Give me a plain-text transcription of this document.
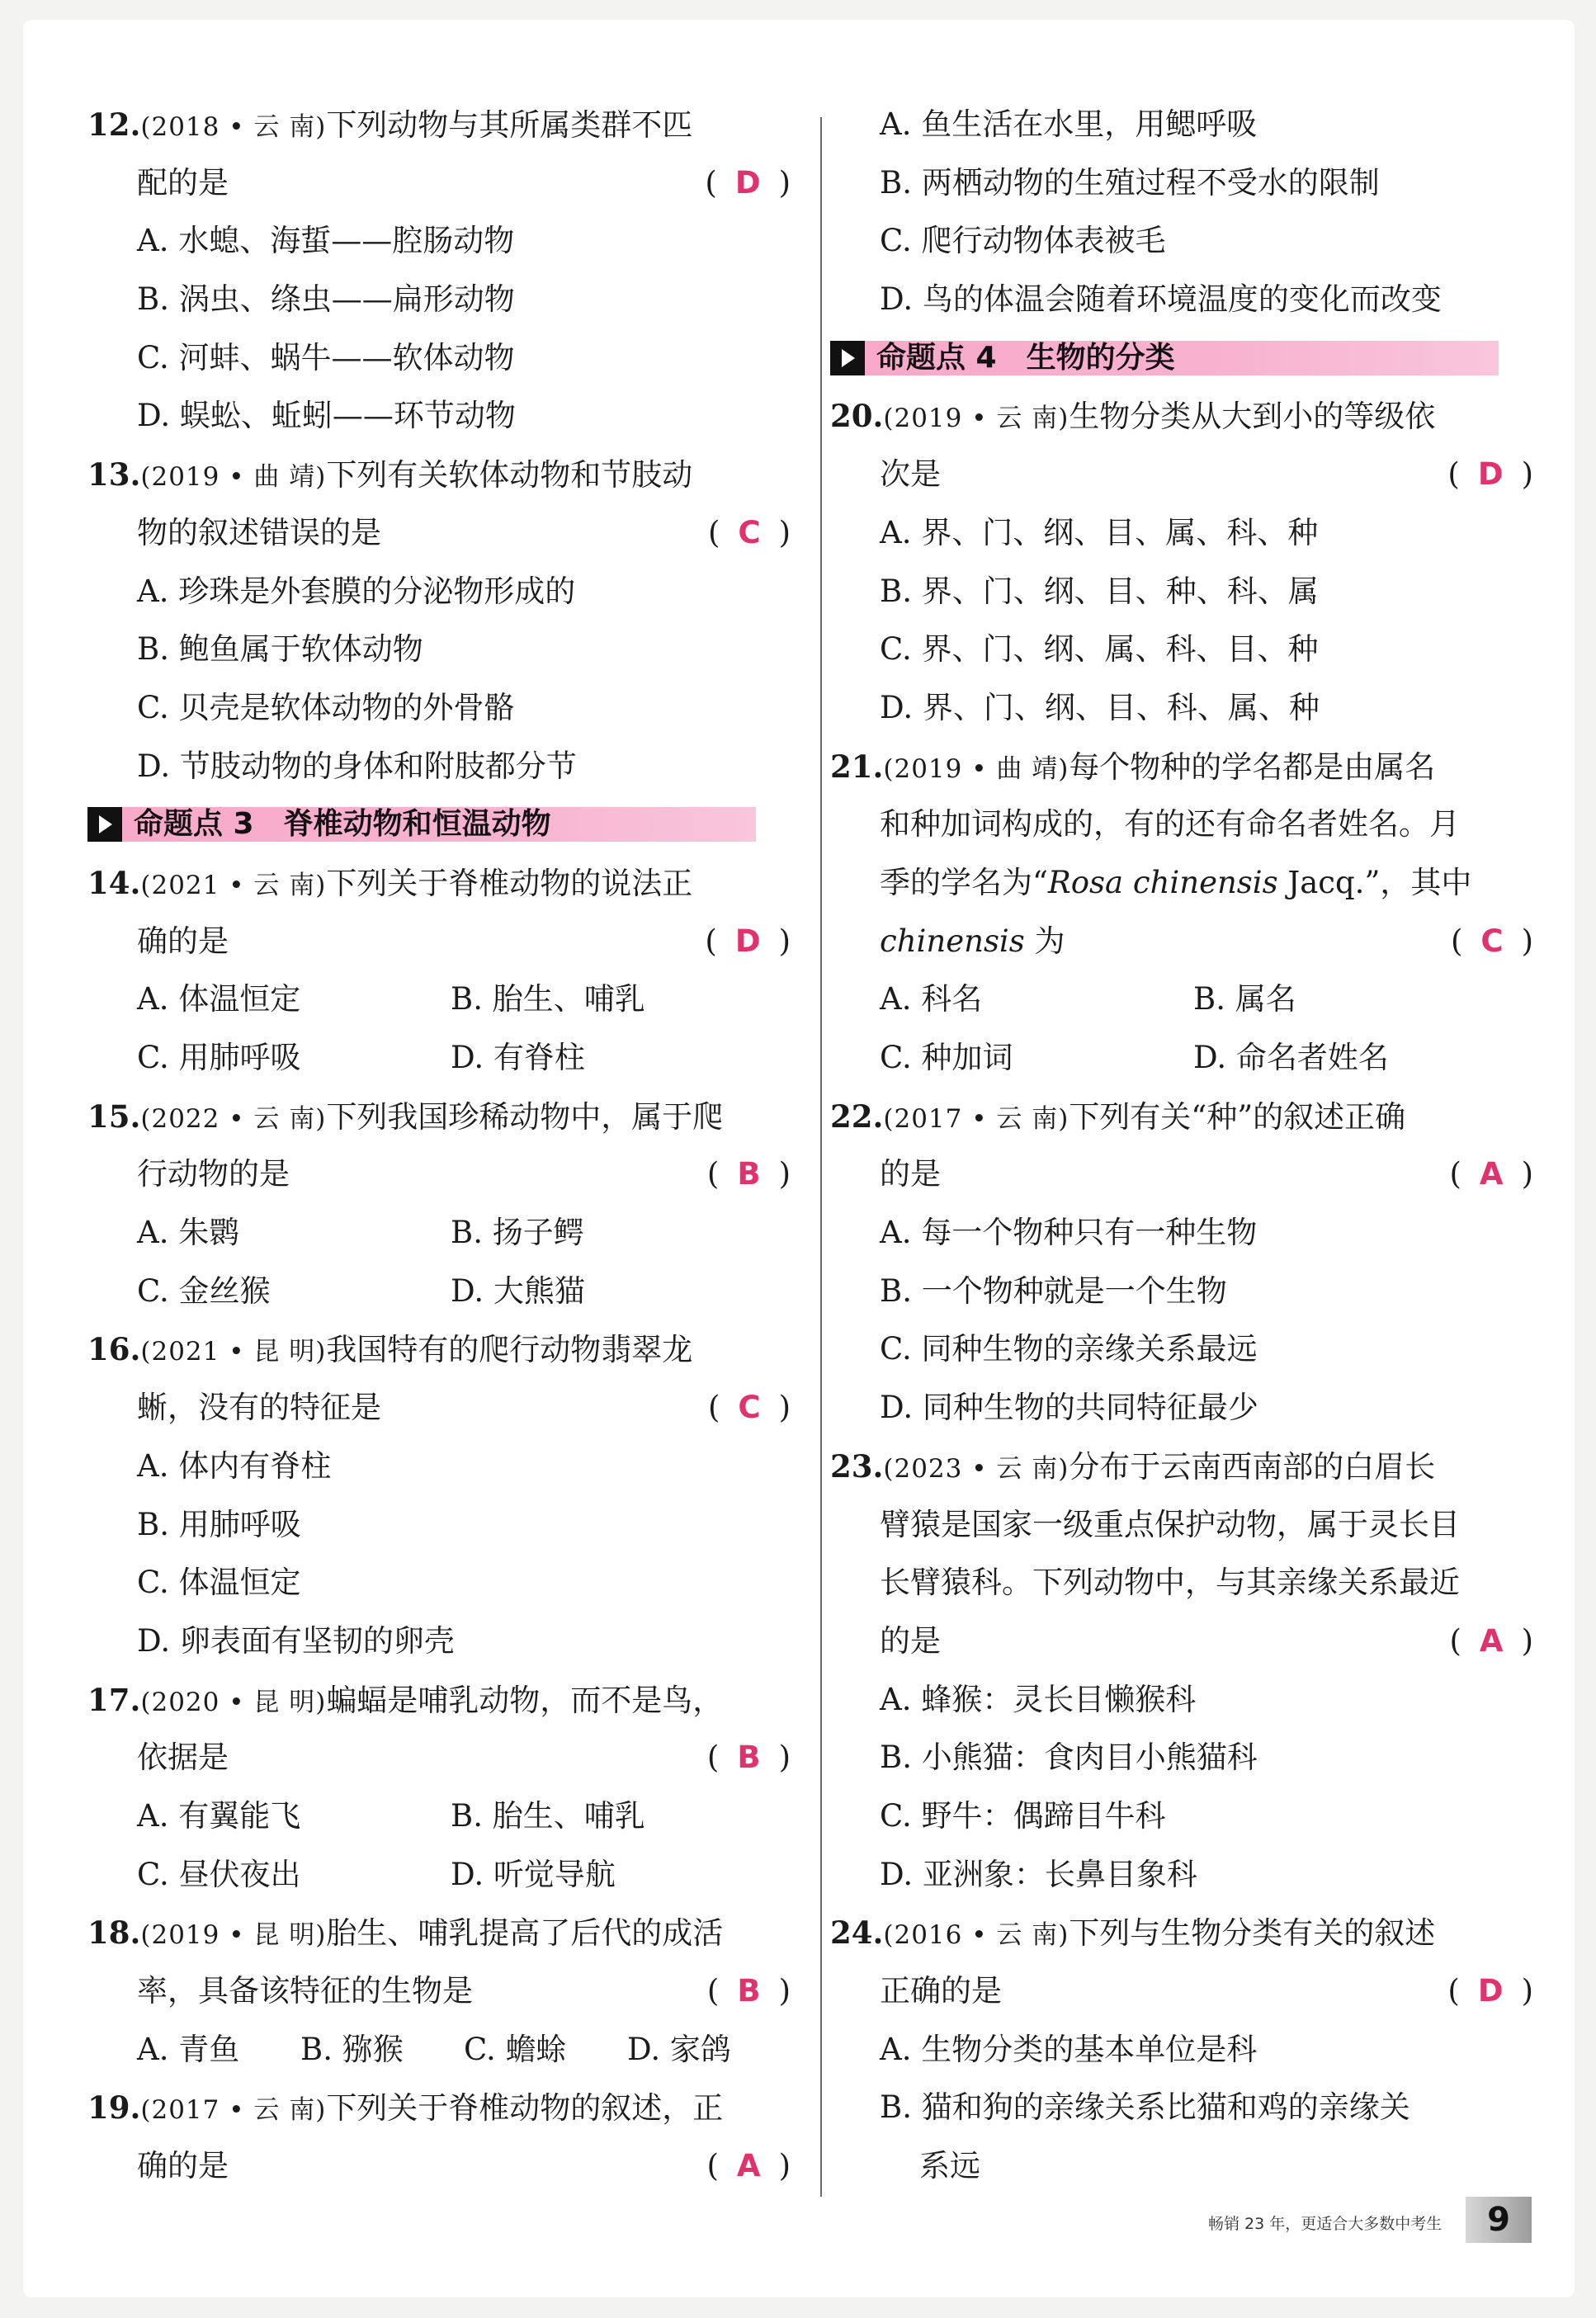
12.(2018 • 云 南)下列动物与其所属类群不匹
配的是	(D)
A. 水螅、海蜇——腔肠动物
B. 涡虫、绦虫——扁形动物
C. 河蚌、蜗牛——软体动物
D. 蜈蚣、蚯蚓——环节动物
13.(2019 • 曲 靖)下列有关软体动物和节肢动
物的叙述错误的是	(C)
A. 珍珠是外套膜的分泌物形成的
B. 鲍鱼属于软体动物
C. 贝壳是软体动物的外骨骼
D. 节肢动物的身体和附肢都分节
命题点 3　脊椎动物和恒温动物
14.(2021 • 云 南)下列关于脊椎动物的说法正
确的是	(D)
A. 体温恒定	B. 胎生、哺乳
C. 用肺呼吸	D. 有脊柱
15.(2022 • 云 南)下列我国珍稀动物中，属于爬
行动物的是	(B)
A. 朱鹮	B. 扬子鳄
C. 金丝猴	D. 大熊猫
16.(2021 • 昆 明)我国特有的爬行动物翡翠龙
蜥，没有的特征是	(C)
A. 体内有脊柱
B. 用肺呼吸
C. 体温恒定
D. 卵表面有坚韧的卵壳
17.(2020 • 昆 明)蝙蝠是哺乳动物，而不是鸟，
依据是	(B)
A. 有翼能飞	B. 胎生、哺乳
C. 昼伏夜出	D. 听觉导航
18.(2019 • 昆 明)胎生、哺乳提高了后代的成活
率，具备该特征的生物是	(B)
A. 青鱼	B. 猕猴	C. 蟾蜍	D. 家鸽
19.(2017 • 云 南)下列关于脊椎动物的叙述，正
确的是	(A)
A. 鱼生活在水里，用鳃呼吸
B. 两栖动物的生殖过程不受水的限制
C. 爬行动物体表被毛
D. 鸟的体温会随着环境温度的变化而改变
命题点 4　生物的分类
20.(2019 • 云 南)生物分类从大到小的等级依
次是	(D)
A. 界、门、纲、目、属、科、种
B. 界、门、纲、目、种、科、属
C. 界、门、纲、属、科、目、种
D. 界、门、纲、目、科、属、种
21.(2019 • 曲 靖)每个物种的学名都是由属名
和种加词构成的，有的还有命名者姓名。月
季的学名为“Rosa chinensis Jacq.”，其中
chinensis 为	(C)
A. 科名	B. 属名
C. 种加词	D. 命名者姓名
22.(2017 • 云 南)下列有关“种”的叙述正确
的是	(A)
A. 每一个物种只有一种生物
B. 一个物种就是一个生物
C. 同种生物的亲缘关系最远
D. 同种生物的共同特征最少
23.(2023 • 云 南)分布于云南西南部的白眉长
臂猿是国家一级重点保护动物，属于灵长目
长臂猿科。下列动物中，与其亲缘关系最近
的是	(A)
A. 蜂猴：灵长目懒猴科
B. 小熊猫：食肉目小熊猫科
C. 野牛：偶蹄目牛科
D. 亚洲象：长鼻目象科
24.(2016 • 云 南)下列与生物分类有关的叙述
正确的是	(D)
A. 生物分类的基本单位是科
B. 猫和狗的亲缘关系比猫和鸡的亲缘关
系远
畅销 23 年，更适合大多数中考生	9
